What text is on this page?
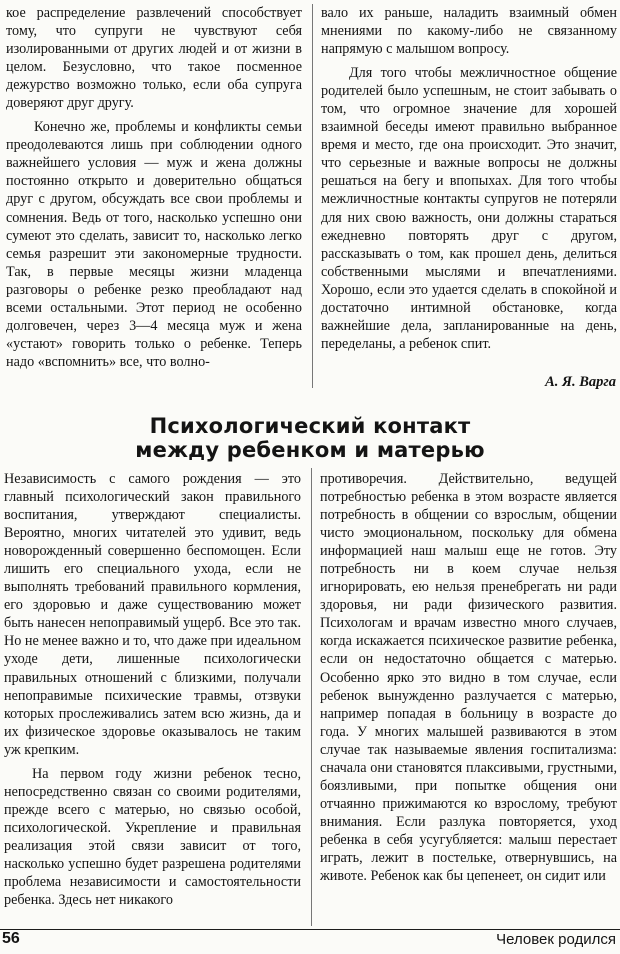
кое распределение развлечений способствует тому, что супруги не чувствуют себя изолированными от других людей и от жизни в целом. Безусловно, что такое посменное дежурство возможно только, если оба супруга доверяют друг другу.

Конечно же, проблемы и конфликты семьи преодолеваются лишь при соблюдении одного важнейшего условия — муж и жена должны постоянно открыто и доверительно общаться друг с другом, обсуждать все свои проблемы и сомнения. Ведь от того, насколько успешно они сумеют это сделать, зависит то, насколько легко семья разрешит эти закономерные трудности. Так, в первые месяцы жизни младенца разговоры о ребенке резко преобладают над всеми остальными. Этот период не особенно долговечен, через 3—4 месяца муж и жена «устают» говорить только о ребенке. Теперь надо «вспомнить» все, что волно-

вало их раньше, наладить взаимный обмен мнениями по какому-либо не связанному напрямую с малышом вопросу.

Для того чтобы межличностное общение родителей было успешным, не стоит забывать о том, что огромное значение для хорошей взаимной беседы имеют правильно выбранное время и место, где она происходит. Это значит, что серьезные и важные вопросы не должны решаться на бегу и впопыхах. Для того чтобы межличностные контакты супругов не потеряли для них свою важность, они должны стараться ежедневно повторять друг с другом, рассказывать о том, как прошел день, делиться собственными мыслями и впечатлениями. Хорошо, если это удается сделать в спокойной и достаточно интимной обстановке, когда важнейшие дела, запланированные на день, переделаны, а ребенок спит.

А. Я. Варга
Психологический контакт
между ребенком и матерью

Независимость с самого рождения — это главный психологический закон правильного воспитания, утверждают специалисты. Вероятно, многих читателей это удивит, ведь новорожденный совершенно беспомощен. Если лишить его специального ухода, если не выполнять требований правильного кормления, его здоровью и даже существованию может быть нанесен непоправимый ущерб. Все это так. Но не менее важно и то, что даже при идеальном уходе дети, лишенные психологически правильных отношений с близкими, получали непоправимые психические травмы, отзвуки которых прослеживались затем всю жизнь, да и их физическое здоровье оказывалось не таким уж крепким.

На первом году жизни ребенок тесно, непосредственно связан со своими родителями, прежде всего с матерью, но связью особой, психологической. Укрепление и правильная реализация этой связи зависит от того, насколько успешно будет разрешена родителями проблема независимости и самостоятельности ребенка. Здесь нет никакого

противоречия. Действительно, ведущей потребностью ребенка в этом возрасте является потребность в общении со взрослым, общении чисто эмоциональном, поскольку для обмена информацией наш малыш еще не готов. Эту потребность ни в коем случае нельзя игнорировать, ею нельзя пренебрегать ни ради здоровья, ни ради физического развития. Психологам и врачам известно много случаев, когда искажается психическое развитие ребенка, если он недостаточно общается с матерью. Особенно ярко это видно в том случае, если ребенок вынужденно разлучается с матерью, например попадая в больницу в возрасте до года. У многих малышей развиваются в этом случае так называемые явления госпитализма: сначала они становятся плаксивыми, грустными, боязливыми, при попытке общения они отчаянно прижимаются ко взрослому, требуют внимания. Если разлука повторяется, уход ребенка в себя усугубляется: малыш перестает играть, лежит в постельке, отвернувшись, на животе. Ребенок как бы цепенеет, он сидит или

56	Человек родился
